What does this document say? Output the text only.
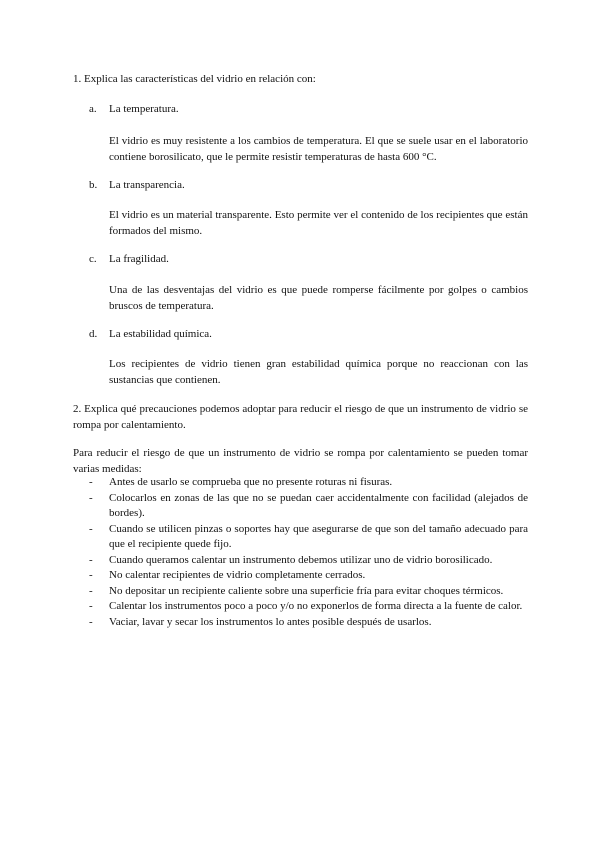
1. Explica las características del vidrio en relación con:
a.	La temperatura.
El vidrio es muy resistente a los cambios de temperatura. El que se suele usar en el laboratorio contiene borosilicato, que le permite resistir temperaturas de hasta 600 °C.
b.	La transparencia.
El vidrio es un material transparente. Esto permite ver el contenido de los recipientes que están formados del mismo.
c.	La fragilidad.
Una de las desventajas del vidrio es que puede romperse fácilmente por golpes o cambios bruscos de temperatura.
d.	La estabilidad química.
Los recipientes de vidrio tienen gran estabilidad química porque no reaccionan con las sustancias que contienen.
2. Explica qué precauciones podemos adoptar para reducir el riesgo de que un instrumento de vidrio se rompa por calentamiento.
Para reducir el riesgo de que un instrumento de vidrio se rompa por calentamiento se pueden tomar varias medidas:
- Antes de usarlo se comprueba que no presente roturas ni fisuras.
- Colocarlos en zonas de las que no se puedan caer accidentalmente con facilidad (alejados de bordes).
- Cuando se utilicen pinzas o soportes hay que asegurarse de que son del tamaño adecuado para que el recipiente quede fijo.
- Cuando queramos calentar un instrumento debemos utilizar uno de vidrio borosilicado.
- No calentar recipientes de vidrio completamente cerrados.
- No depositar un recipiente caliente sobre una superficie fría para evitar choques térmicos.
- Calentar los instrumentos poco a poco y/o no exponerlos de forma directa a la fuente de calor.
- Vaciar, lavar y secar los instrumentos lo antes posible después de usarlos.
